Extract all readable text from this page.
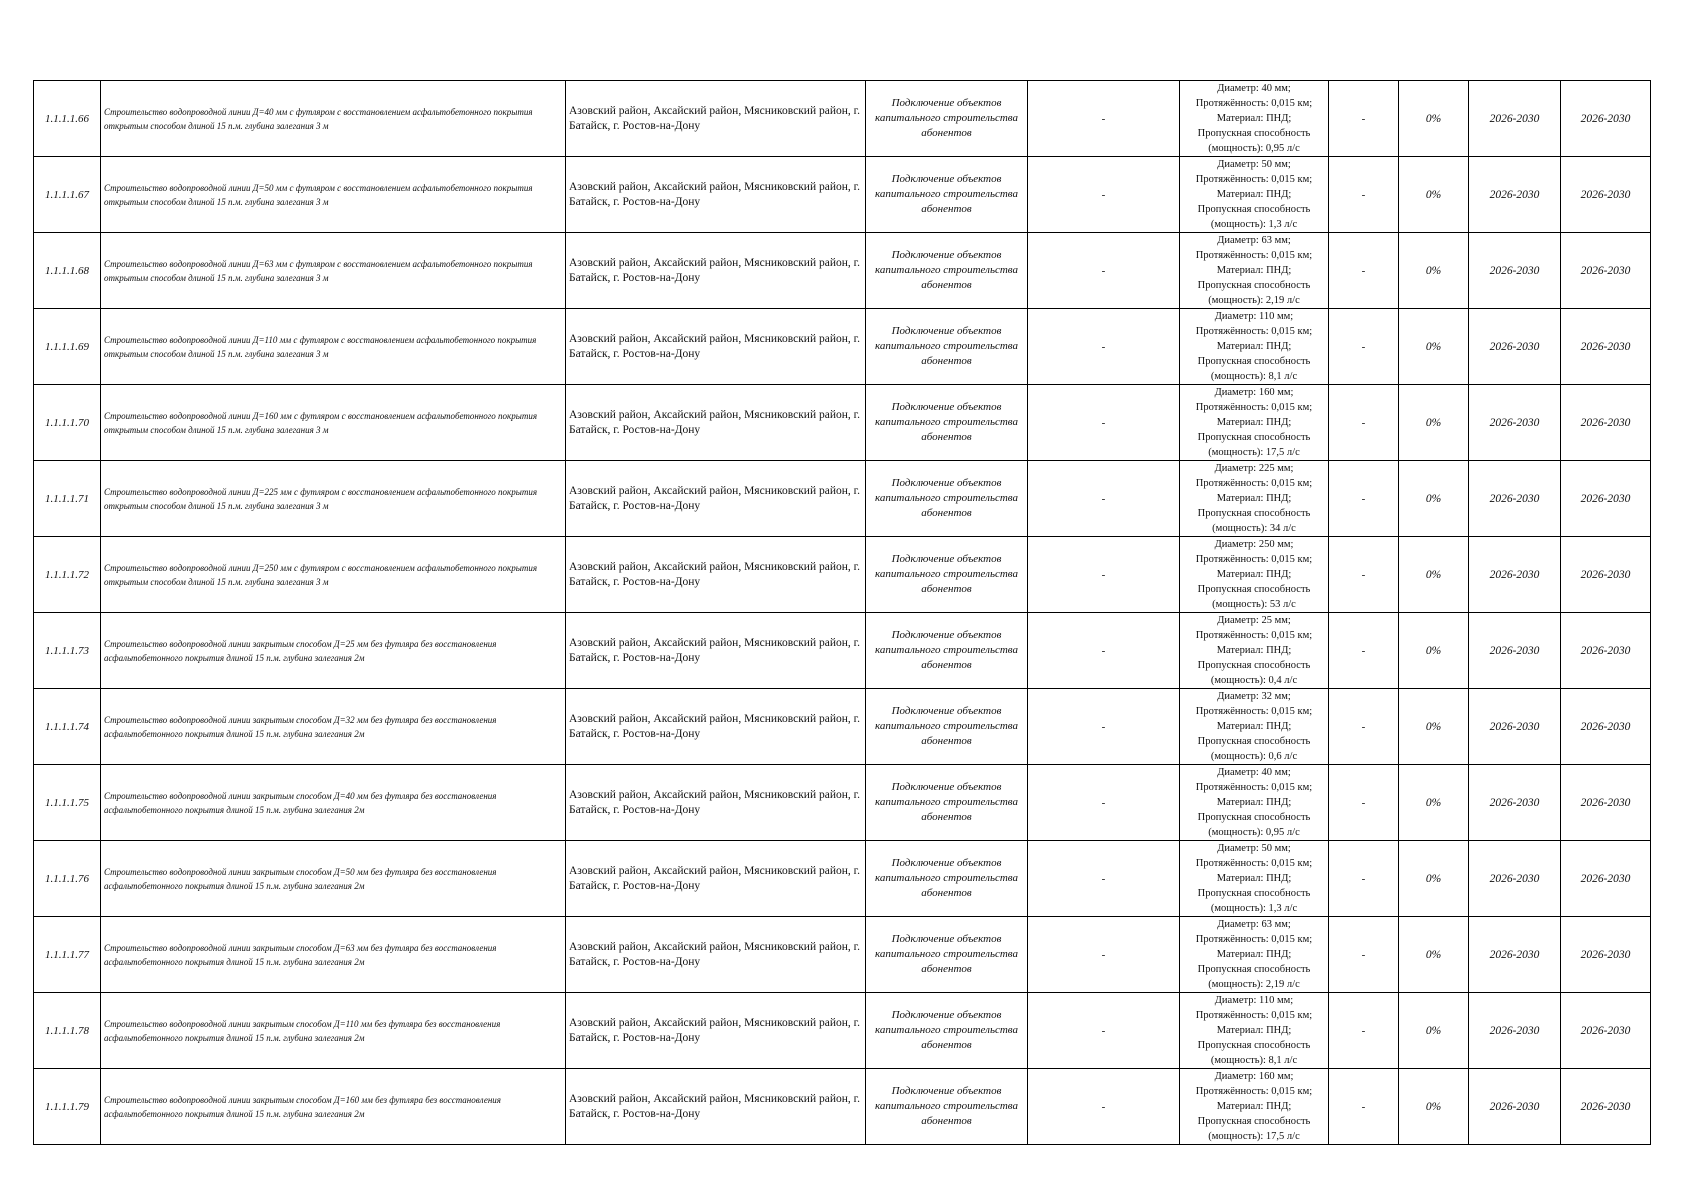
1.1.1.1.66	Строительство водопроводной линии Д=40 мм с футляром с восстановлением асфальтобетонного покрытия открытым способом длиной 15 п.м. глубина залегания 3 м	Азовский район, Аксайский район, Мясниковский район, г. Батайск, г. Ростов-на-Дону	Подключение объектов капитального строительства абонентов	-	Диаметр: 40 мм;
Протяжённость: 0,015 км;
Материал: ПНД;
Пропускная способность
(мощность): 0,95 л/с	-	0%	2026-2030	2026-2030
1.1.1.1.67	Строительство водопроводной линии Д=50 мм с футляром с восстановлением асфальтобетонного покрытия открытым способом длиной 15 п.м. глубина залегания 3 м	Азовский район, Аксайский район, Мясниковский район, г. Батайск, г. Ростов-на-Дону	Подключение объектов капитального строительства абонентов	-	Диаметр: 50 мм;
Протяжённость: 0,015 км;
Материал: ПНД;
Пропускная способность
(мощность): 1,3 л/с	-	0%	2026-2030	2026-2030
1.1.1.1.68	Строительство водопроводной линии Д=63 мм с футляром с восстановлением асфальтобетонного покрытия открытым способом длиной 15 п.м. глубина залегания 3 м	Азовский район, Аксайский район, Мясниковский район, г. Батайск, г. Ростов-на-Дону	Подключение объектов капитального строительства абонентов	-	Диаметр: 63 мм;
Протяжённость: 0,015 км;
Материал: ПНД;
Пропускная способность
(мощность): 2,19 л/с	-	0%	2026-2030	2026-2030
1.1.1.1.69	Строительство водопроводной линии Д=110 мм с футляром с восстановлением асфальтобетонного покрытия открытым способом длиной 15 п.м. глубина залегания 3 м	Азовский район, Аксайский район, Мясниковский район, г. Батайск, г. Ростов-на-Дону	Подключение объектов капитального строительства абонентов	-	Диаметр: 110 мм;
Протяжённость: 0,015 км;
Материал: ПНД;
Пропускная способность
(мощность): 8,1 л/с	-	0%	2026-2030	2026-2030
1.1.1.1.70	Строительство водопроводной линии Д=160 мм с футляром с восстановлением асфальтобетонного покрытия открытым способом длиной 15 п.м. глубина залегания 3 м	Азовский район, Аксайский район, Мясниковский район, г. Батайск, г. Ростов-на-Дону	Подключение объектов капитального строительства абонентов	-	Диаметр: 160 мм;
Протяжённость: 0,015 км;
Материал: ПНД;
Пропускная способность
(мощность): 17,5 л/с	-	0%	2026-2030	2026-2030
1.1.1.1.71	Строительство водопроводной линии Д=225 мм с футляром с восстановлением асфальтобетонного покрытия открытым способом длиной 15 п.м. глубина залегания 3 м	Азовский район, Аксайский район, Мясниковский район, г. Батайск, г. Ростов-на-Дону	Подключение объектов капитального строительства абонентов	-	Диаметр: 225 мм;
Протяжённость: 0,015 км;
Материал: ПНД;
Пропускная способность
(мощность): 34 л/с	-	0%	2026-2030	2026-2030
1.1.1.1.72	Строительство водопроводной линии Д=250 мм с футляром с восстановлением асфальтобетонного покрытия открытым способом длиной 15 п.м. глубина залегания 3 м	Азовский район, Аксайский район, Мясниковский район, г. Батайск, г. Ростов-на-Дону	Подключение объектов капитального строительства абонентов	-	Диаметр: 250 мм;
Протяжённость: 0,015 км;
Материал: ПНД;
Пропускная способность
(мощность): 53 л/с	-	0%	2026-2030	2026-2030
1.1.1.1.73	Строительство водопроводной линии закрытым способом Д=25 мм без футляра без восстановления асфальтобетонного покрытия длиной 15 п.м. глубина залегания 2м	Азовский район, Аксайский район, Мясниковский район, г. Батайск, г. Ростов-на-Дону	Подключение объектов капитального строительства абонентов	-	Диаметр: 25 мм;
Протяжённость: 0,015 км;
Материал: ПНД;
Пропускная способность
(мощность): 0,4 л/с	-	0%	2026-2030	2026-2030
1.1.1.1.74	Строительство водопроводной линии закрытым способом Д=32 мм без футляра без восстановления асфальтобетонного покрытия длиной 15 п.м. глубина залегания 2м	Азовский район, Аксайский район, Мясниковский район, г. Батайск, г. Ростов-на-Дону	Подключение объектов капитального строительства абонентов	-	Диаметр: 32 мм;
Протяжённость: 0,015 км;
Материал: ПНД;
Пропускная способность
(мощность): 0,6 л/с	-	0%	2026-2030	2026-2030
1.1.1.1.75	Строительство водопроводной линии закрытым способом Д=40 мм без футляра без восстановления асфальтобетонного покрытия длиной 15 п.м. глубина залегания 2м	Азовский район, Аксайский район, Мясниковский район, г. Батайск, г. Ростов-на-Дону	Подключение объектов капитального строительства абонентов	-	Диаметр: 40 мм;
Протяжённость: 0,015 км;
Материал: ПНД;
Пропускная способность
(мощность): 0,95 л/с	-	0%	2026-2030	2026-2030
1.1.1.1.76	Строительство водопроводной линии закрытым способом Д=50 мм без футляра без восстановления асфальтобетонного покрытия длиной 15 п.м. глубина залегания 2м	Азовский район, Аксайский район, Мясниковский район, г. Батайск, г. Ростов-на-Дону	Подключение объектов капитального строительства абонентов	-	Диаметр: 50 мм;
Протяжённость: 0,015 км;
Материал: ПНД;
Пропускная способность
(мощность): 1,3 л/с	-	0%	2026-2030	2026-2030
1.1.1.1.77	Строительство водопроводной линии закрытым способом Д=63 мм без футляра без восстановления асфальтобетонного покрытия длиной 15 п.м. глубина залегания 2м	Азовский район, Аксайский район, Мясниковский район, г. Батайск, г. Ростов-на-Дону	Подключение объектов капитального строительства абонентов	-	Диаметр: 63 мм;
Протяжённость: 0,015 км;
Материал: ПНД;
Пропускная способность
(мощность): 2,19 л/с	-	0%	2026-2030	2026-2030
1.1.1.1.78	Строительство водопроводной линии закрытым способом Д=110 мм без футляра без восстановления асфальтобетонного покрытия длиной 15 п.м. глубина залегания 2м	Азовский район, Аксайский район, Мясниковский район, г. Батайск, г. Ростов-на-Дону	Подключение объектов капитального строительства абонентов	-	Диаметр: 110 мм;
Протяжённость: 0,015 км;
Материал: ПНД;
Пропускная способность
(мощность): 8,1 л/с	-	0%	2026-2030	2026-2030
1.1.1.1.79	Строительство водопроводной линии закрытым способом Д=160 мм без футляра без восстановления асфальтобетонного покрытия длиной 15 п.м. глубина залегания 2м	Азовский район, Аксайский район, Мясниковский район, г. Батайск, г. Ростов-на-Дону	Подключение объектов капитального строительства абонентов	-	Диаметр: 160 мм;
Протяжённость: 0,015 км;
Материал: ПНД;
Пропускная способность
(мощность): 17,5 л/с	-	0%	2026-2030	2026-2030
